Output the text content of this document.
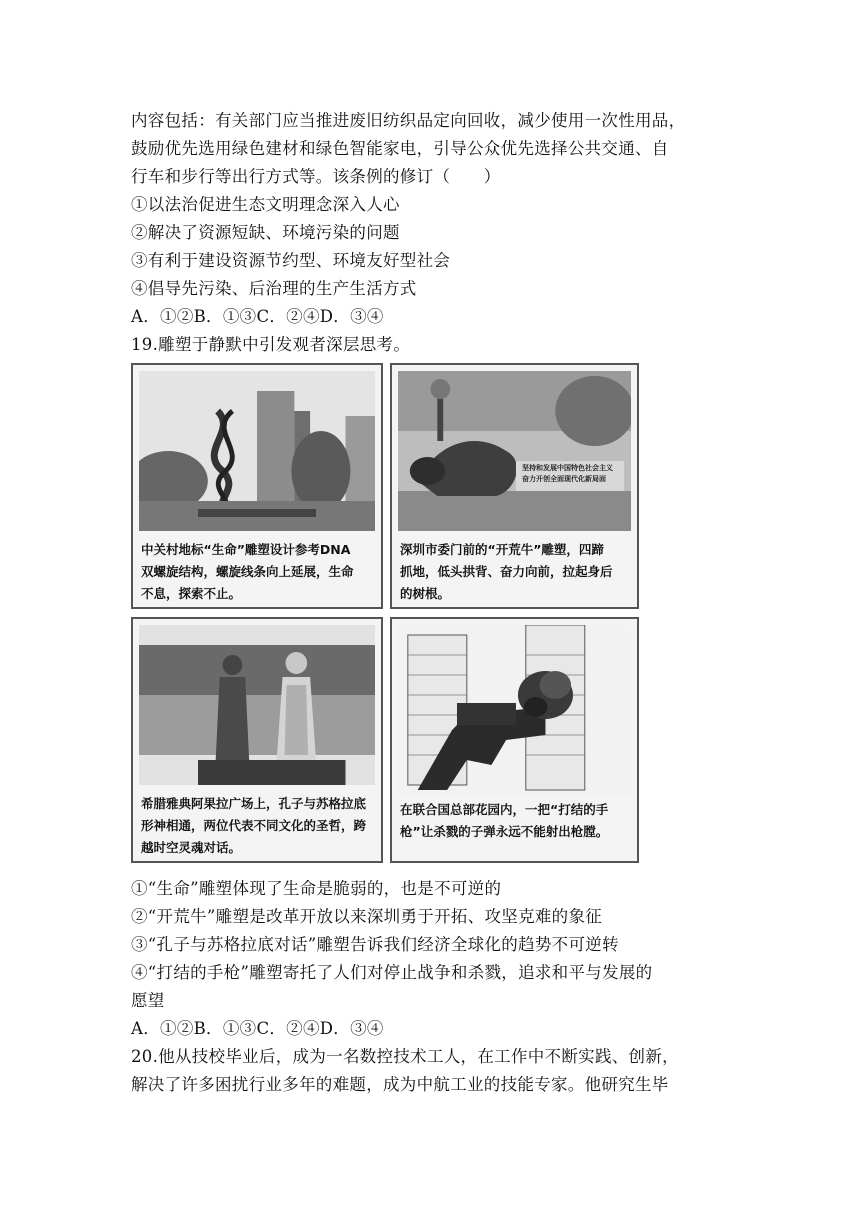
内容包括：有关部门应当推进废旧纺织品定向回收，减少使用一次性用品，
鼓励优先选用绿色建材和绿色智能家电，引导公众优先选择公共交通、自
行车和步行等出行方式等。该条例的修订（　　）
①以法治促进生态文明理念深入人心
②解决了资源短缺、环境污染的问题
③有利于建设资源节约型、环境友好型社会
④倡导先污染、后治理的生产生活方式
A．①②B．①③C．②④D．③④
19.雕塑于静默中引发观者深层思考。
中关村地标“生命”雕塑设计参考DNA
双螺旋结构，螺旋线条向上延展，生命
不息，探索不止。
坚持和发展中国特色社会主义
奋力开创全面现代化新局面
深圳市委门前的“开荒牛”雕塑，四蹄
抓地，低头拱背、奋力向前，拉起身后
的树根。
希腊雅典阿果拉广场上，孔子与苏格拉底
形神相通，两位代表不同文化的圣哲，跨
越时空灵魂对话。
在联合国总部花园内，一把“打结的手
枪”让杀戮的子弹永远不能射出枪膛。
①“生命”雕塑体现了生命是脆弱的，也是不可逆的
②“开荒牛”雕塑是改革开放以来深圳勇于开拓、攻坚克难的象征
③“孔子与苏格拉底对话”雕塑告诉我们经济全球化的趋势不可逆转
④“打结的手枪”雕塑寄托了人们对停止战争和杀戮，追求和平与发展的
愿望
A．①②B．①③C．②④D．③④
20.他从技校毕业后，成为一名数控技术工人，在工作中不断实践、创新，
解决了许多困扰行业多年的难题，成为中航工业的技能专家。他研究生毕
